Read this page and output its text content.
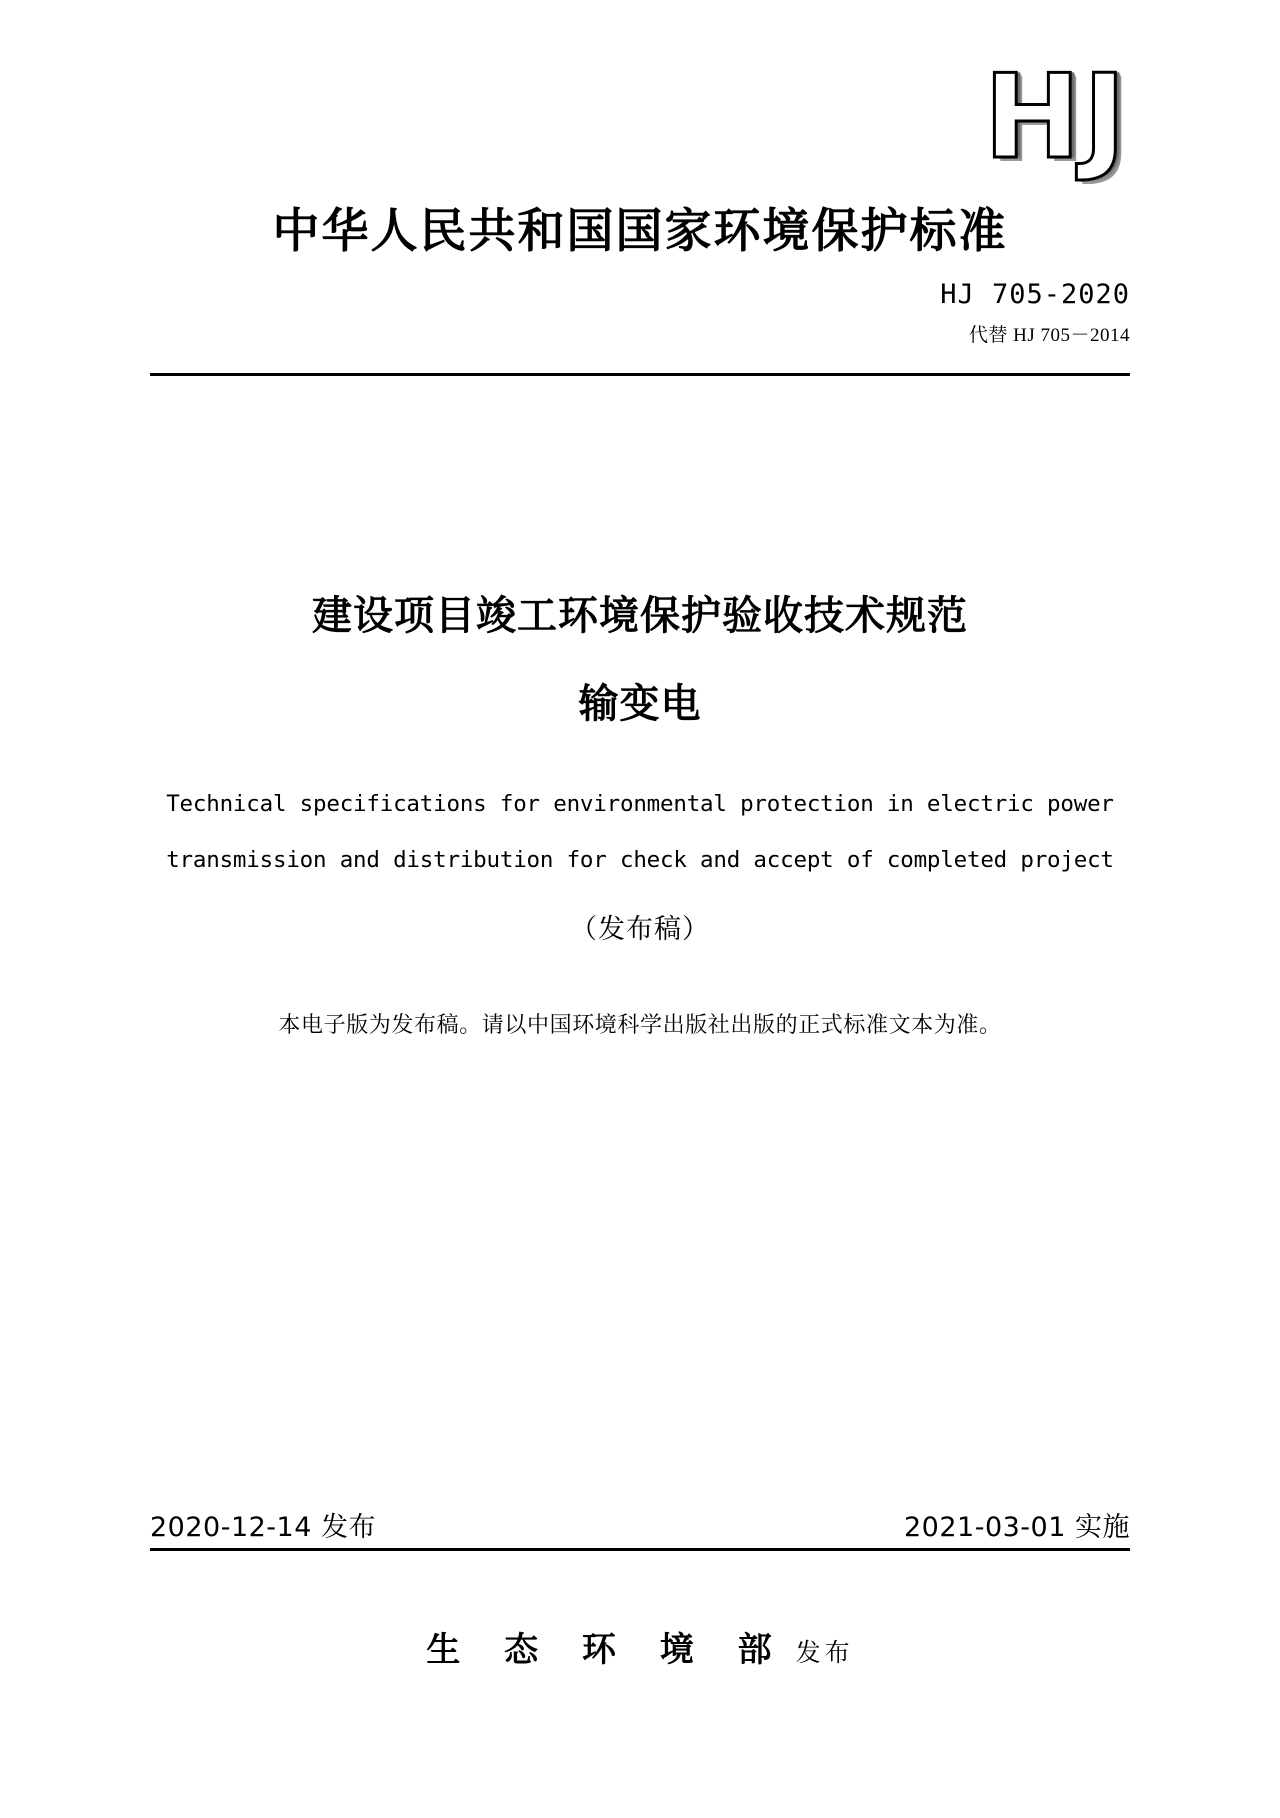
HJ
中华人民共和国国家环境保护标准
HJ 705-2020
代替 HJ 705－2014
建设项目竣工环境保护验收技术规范
输变电
Technical specifications for environmental protection in electric power
transmission and distribution for check and accept of completed project
（发布稿）
本电子版为发布稿。请以中国环境科学出版社出版的正式标准文本为准。
2020-12-14 发布	2021-03-01 实施
生 态 环 境 部 发布
